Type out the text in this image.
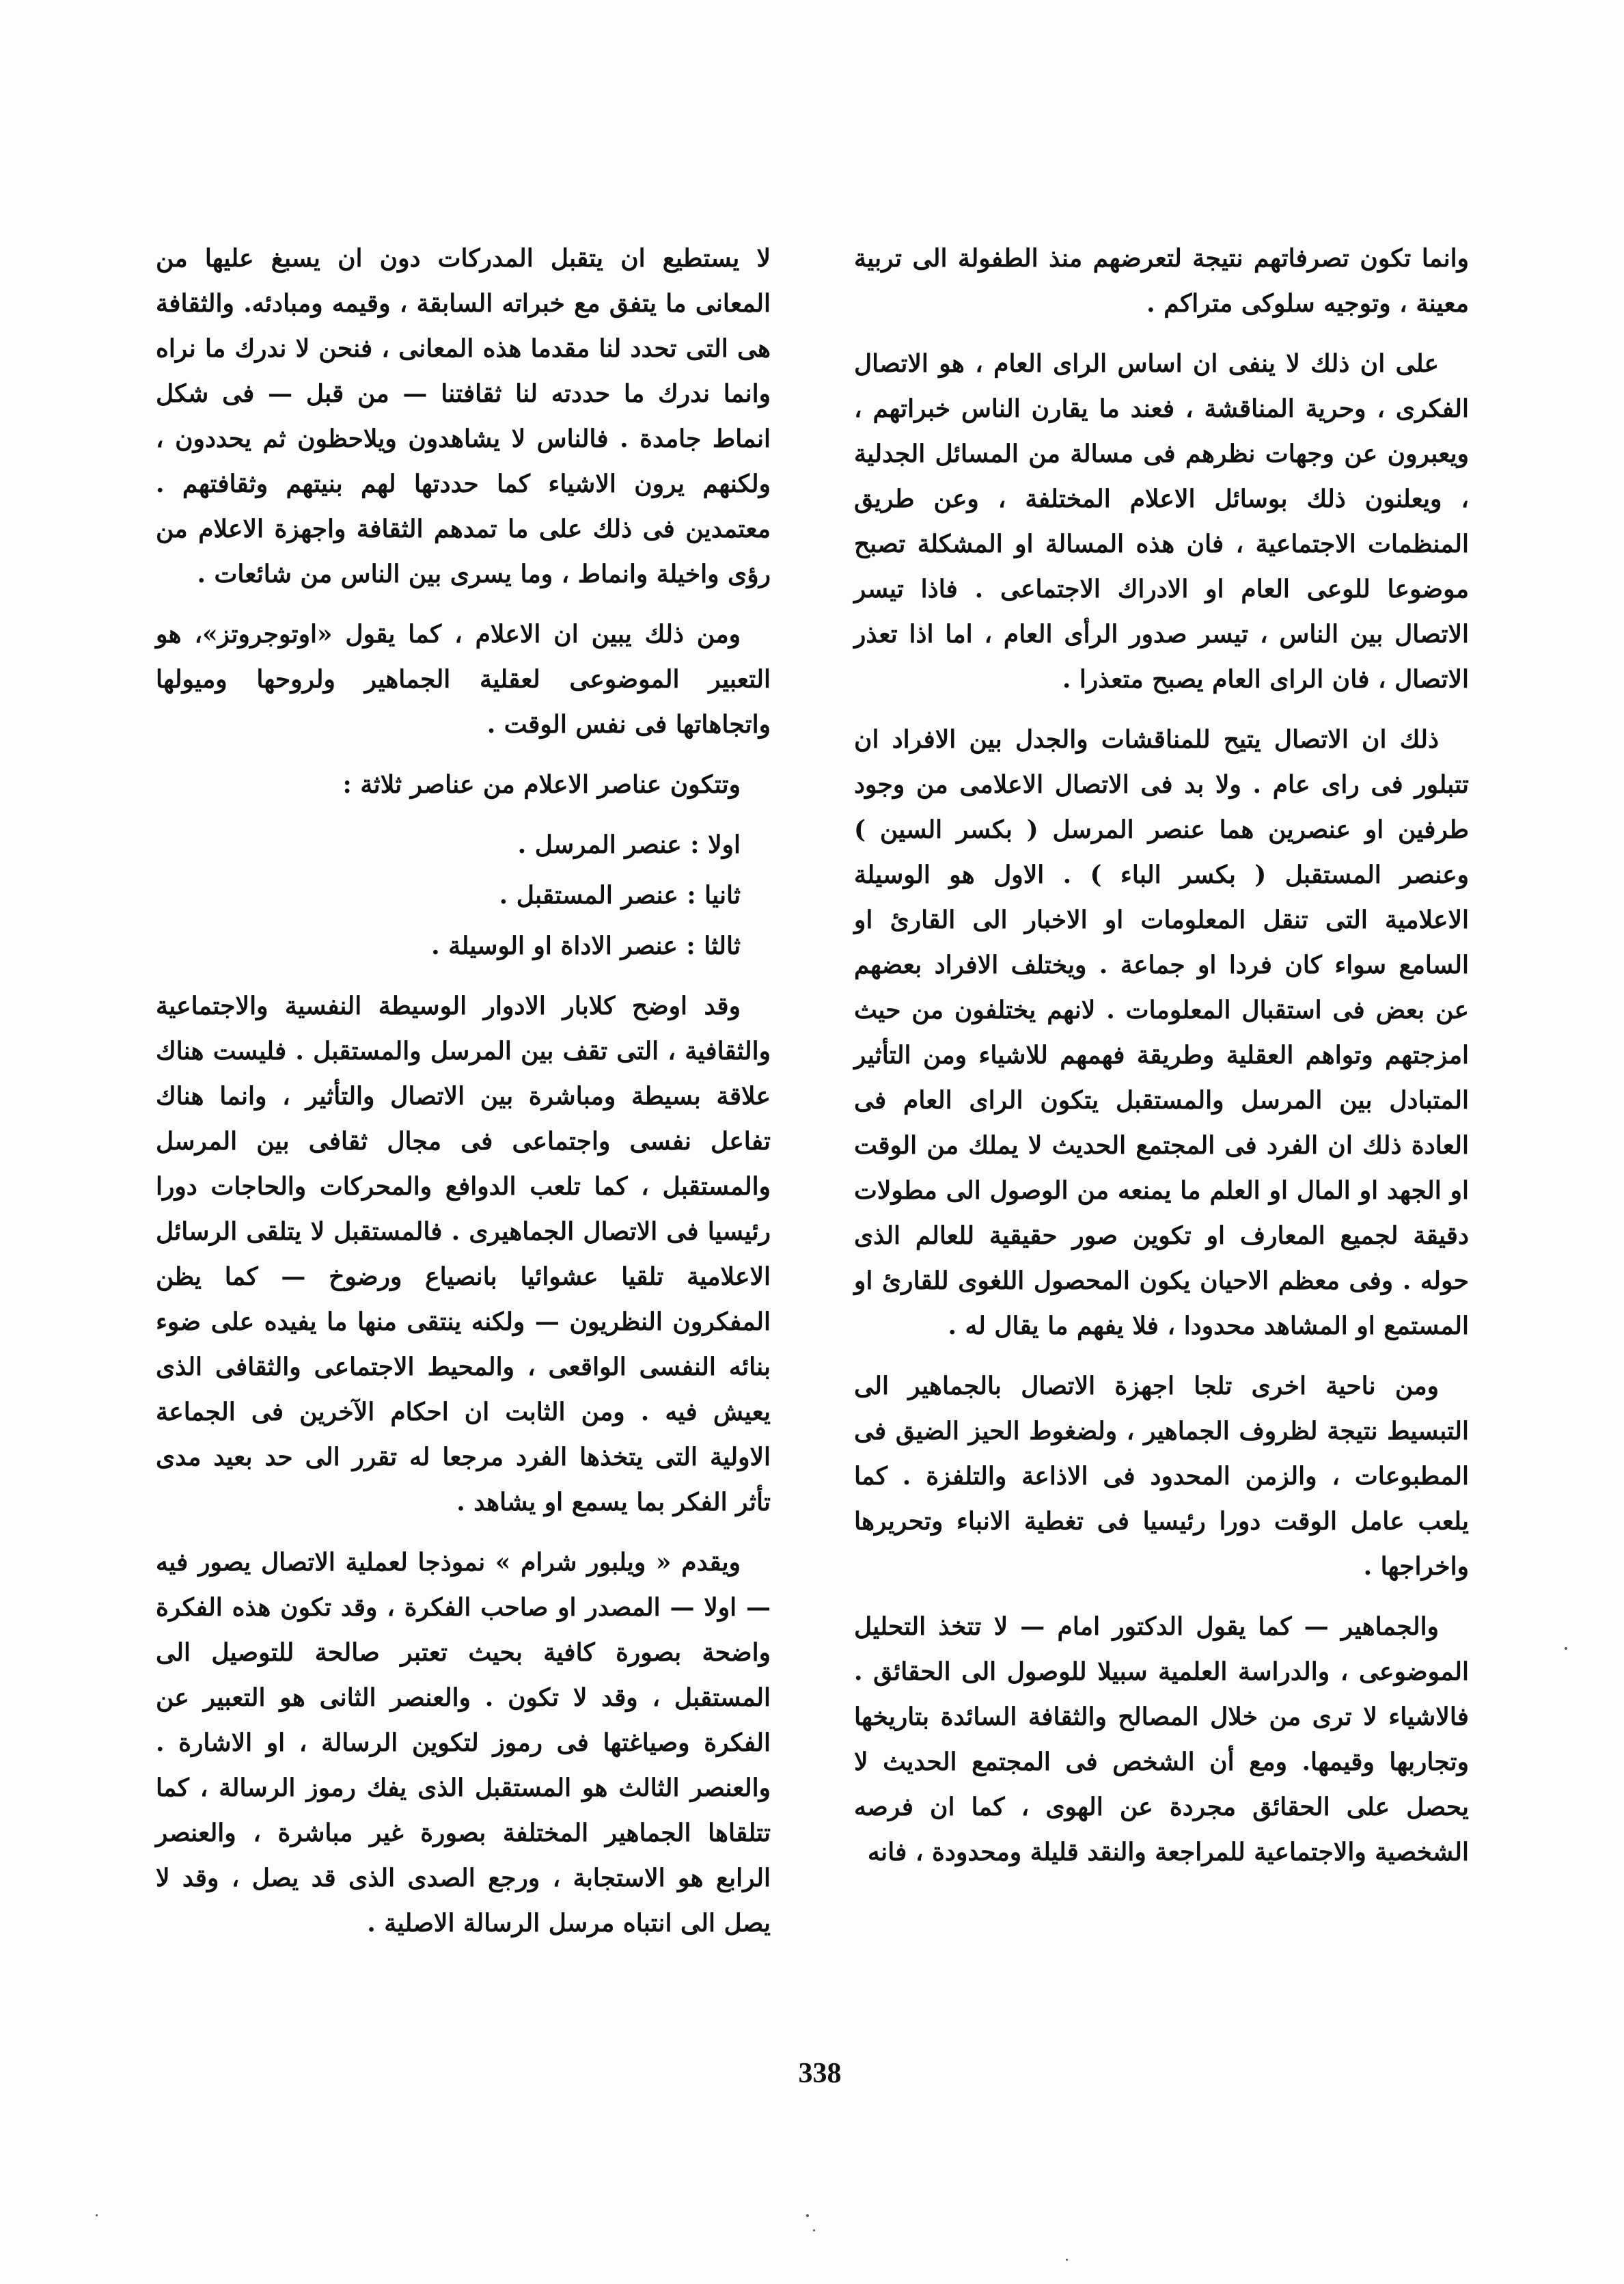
وانما تكون تصرفاتهم نتيجة لتعرضهم منذ الطفولة الى تربية معينة ، وتوجيه سلوكى متراكم .

على ان ذلك لا ينفى ان اساس الراى العام ، هو الاتصال الفكرى ، وحرية المناقشة ، فعند ما يقارن الناس خبراتهم ، ويعبرون عن وجهات نظرهم فى مسالة من المسائل الجدلية ، ويعلنون ذلك بوسائل الاعلام المختلفة ، وعن طريق المنظمات الاجتماعية ، فان هذه المسالة او المشكلة تصبح موضوعا للوعى العام او الادراك الاجتماعى . فاذا تيسر الاتصال بين الناس ، تيسر صدور الرأى العام ، اما اذا تعذر الاتصال ، فان الراى العام يصبح متعذرا .

ذلك ان الاتصال يتيح للمناقشات والجدل بين الافراد ان تتبلور فى راى عام . ولا بد فى الاتصال الاعلامى من وجود طرفين او عنصرين هما عنصر المرسل ( بكسر السين ) وعنصر المستقبل ( بكسر الباء ) . الاول هو الوسيلة الاعلامية التى تنقل المعلومات او الاخبار الى القارئ او السامع سواء كان فردا او جماعة . ويختلف الافراد بعضهم عن بعض فى استقبال المعلومات . لانهم يختلفون من حيث امزجتهم وتواهم العقلية وطريقة فهمهم للاشياء ومن التأثير المتبادل بين المرسل والمستقبل يتكون الراى العام فى العادة ذلك ان الفرد فى المجتمع الحديث لا يملك من الوقت او الجهد او المال او العلم ما يمنعه من الوصول الى مطولات دقيقة لجميع المعارف او تكوين صور حقيقية للعالم الذى حوله . وفى معظم الاحيان يكون المحصول اللغوى للقارئ او المستمع او المشاهد محدودا ، فلا يفهم ما يقال له .

ومن ناحية اخرى تلجا اجهزة الاتصال بالجماهير الى التبسيط نتيجة لظروف الجماهير ، ولضغوط الحيز الضيق فى المطبوعات ، والزمن المحدود فى الاذاعة والتلفزة . كما يلعب عامل الوقت دورا رئيسيا فى تغطية الانباء وتحريرها واخراجها .

والجماهير — كما يقول الدكتور امام — لا تتخذ التحليل الموضوعى ، والدراسة العلمية سبيلا للوصول الى الحقائق . فالاشياء لا ترى من خلال المصالح والثقافة السائدة بتاريخها وتجاربها وقيمها. ومع أن الشخص فى المجتمع الحديث لا يحصل على الحقائق مجردة عن الهوى ، كما ان فرصه الشخصية والاجتماعية للمراجعة والنقد قليلة ومحدودة ، فانه

لا يستطيع ان يتقبل المدركات دون ان يسبغ عليها من المعانى ما يتفق مع خبراته السابقة ، وقيمه ومبادئه. والثقافة هى التى تحدد لنا مقدما هذه المعانى ، فنحن لا ندرك ما نراه وانما ندرك ما حددته لنا ثقافتنا — من قبل — فى شكل انماط جامدة . فالناس لا يشاهدون ويلاحظون ثم يحددون ، ولكنهم يرون الاشياء كما حددتها لهم بنيتهم وثقافتهم . معتمدين فى ذلك على ما تمدهم الثقافة واجهزة الاعلام من رؤى واخيلة وانماط ، وما يسرى بين الناس من شائعات .

ومن ذلك يبين ان الاعلام ، كما يقول «اوتوجروتز»، هو التعبير الموضوعى لعقلية الجماهير ولروحها وميولها واتجاهاتها فى نفس الوقت .

وتتكون عناصر الاعلام من عناصر ثلاثة :

اولا : عنصر المرسل .
ثانيا : عنصر المستقبل .
ثالثا : عنصر الاداة او الوسيلة .

وقد اوضح كلابار الادوار الوسيطة النفسية والاجتماعية والثقافية ، التى تقف بين المرسل والمستقبل . فليست هناك علاقة بسيطة ومباشرة بين الاتصال والتأثير ، وانما هناك تفاعل نفسى واجتماعى فى مجال ثقافى بين المرسل والمستقبل ، كما تلعب الدوافع والمحركات والحاجات دورا رئيسيا فى الاتصال الجماهيرى . فالمستقبل لا يتلقى الرسائل الاعلامية تلقيا عشوائيا بانصياع ورضوخ — كما يظن المفكرون النظريون — ولكنه ينتقى منها ما يفيده على ضوء بنائه النفسى الواقعى ، والمحيط الاجتماعى والثقافى الذى يعيش فيه . ومن الثابت ان احكام الآخرين فى الجماعة الاولية التى يتخذها الفرد مرجعا له تقرر الى حد بعيد مدى تأثر الفكر بما يسمع او يشاهد .

ويقدم « ويلبور شرام » نموذجا لعملية الاتصال يصور فيه — اولا — المصدر او صاحب الفكرة ، وقد تكون هذه الفكرة واضحة بصورة كافية بحيث تعتبر صالحة للتوصيل الى المستقبل ، وقد لا تكون . والعنصر الثانى هو التعبير عن الفكرة وصياغتها فى رموز لتكوين الرسالة ، او الاشارة . والعنصر الثالث هو المستقبل الذى يفك رموز الرسالة ، كما تتلقاها الجماهير المختلفة بصورة غير مباشرة ، والعنصر الرابع هو الاستجابة ، ورجع الصدى الذى قد يصل ، وقد لا يصل الى انتباه مرسل الرسالة الاصلية .

338
